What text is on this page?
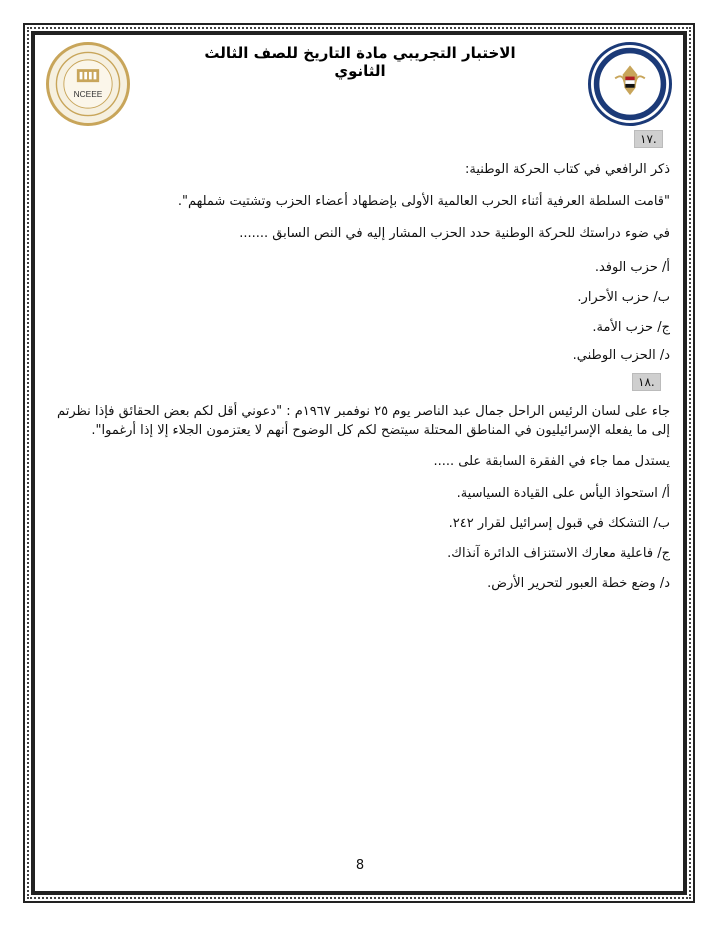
NCEEE
الاختبار التجريبي مادة التاريخ للصف الثالث الثانوي
.١٧
ذكر الرافعي في كتاب الحركة الوطنية:
"قامت السلطة العرفية أثناء الحرب العالمية الأولى بإضطهاد أعضاء الحزب وتشتيت شملهم".
في ضوء دراستك للحركة الوطنية حدد الحزب المشار إليه في النص السابق .......
أ/ حزب الوفد.
ب/ حزب الأحرار.
ج/ حزب الأمة.
د/ الحزب الوطني.
.١٨
جاء على لسان الرئيس الراحل جمال عبد الناصر يوم ٢٥ نوفمبر ١٩٦٧م : "دعوني أقل لكم بعض الحقائق فإذا نظرتم إلى ما يفعله الإسرائيليون في المناطق المحتلة سيتضح لكم كل الوضوح أنهم لا يعتزمون الجلاء إلا إذا أرغموا".
يستدل مما جاء في الفقرة السابقة على .....
أ/ استحواذ اليأس على القيادة السياسية.
ب/ التشكك في قبول إسرائيل لقرار ٢٤٢.
ج/ فاعلية معارك الاستنزاف الدائرة آنذاك.
د/ وضع خطة العبور لتحرير الأرض.
8
